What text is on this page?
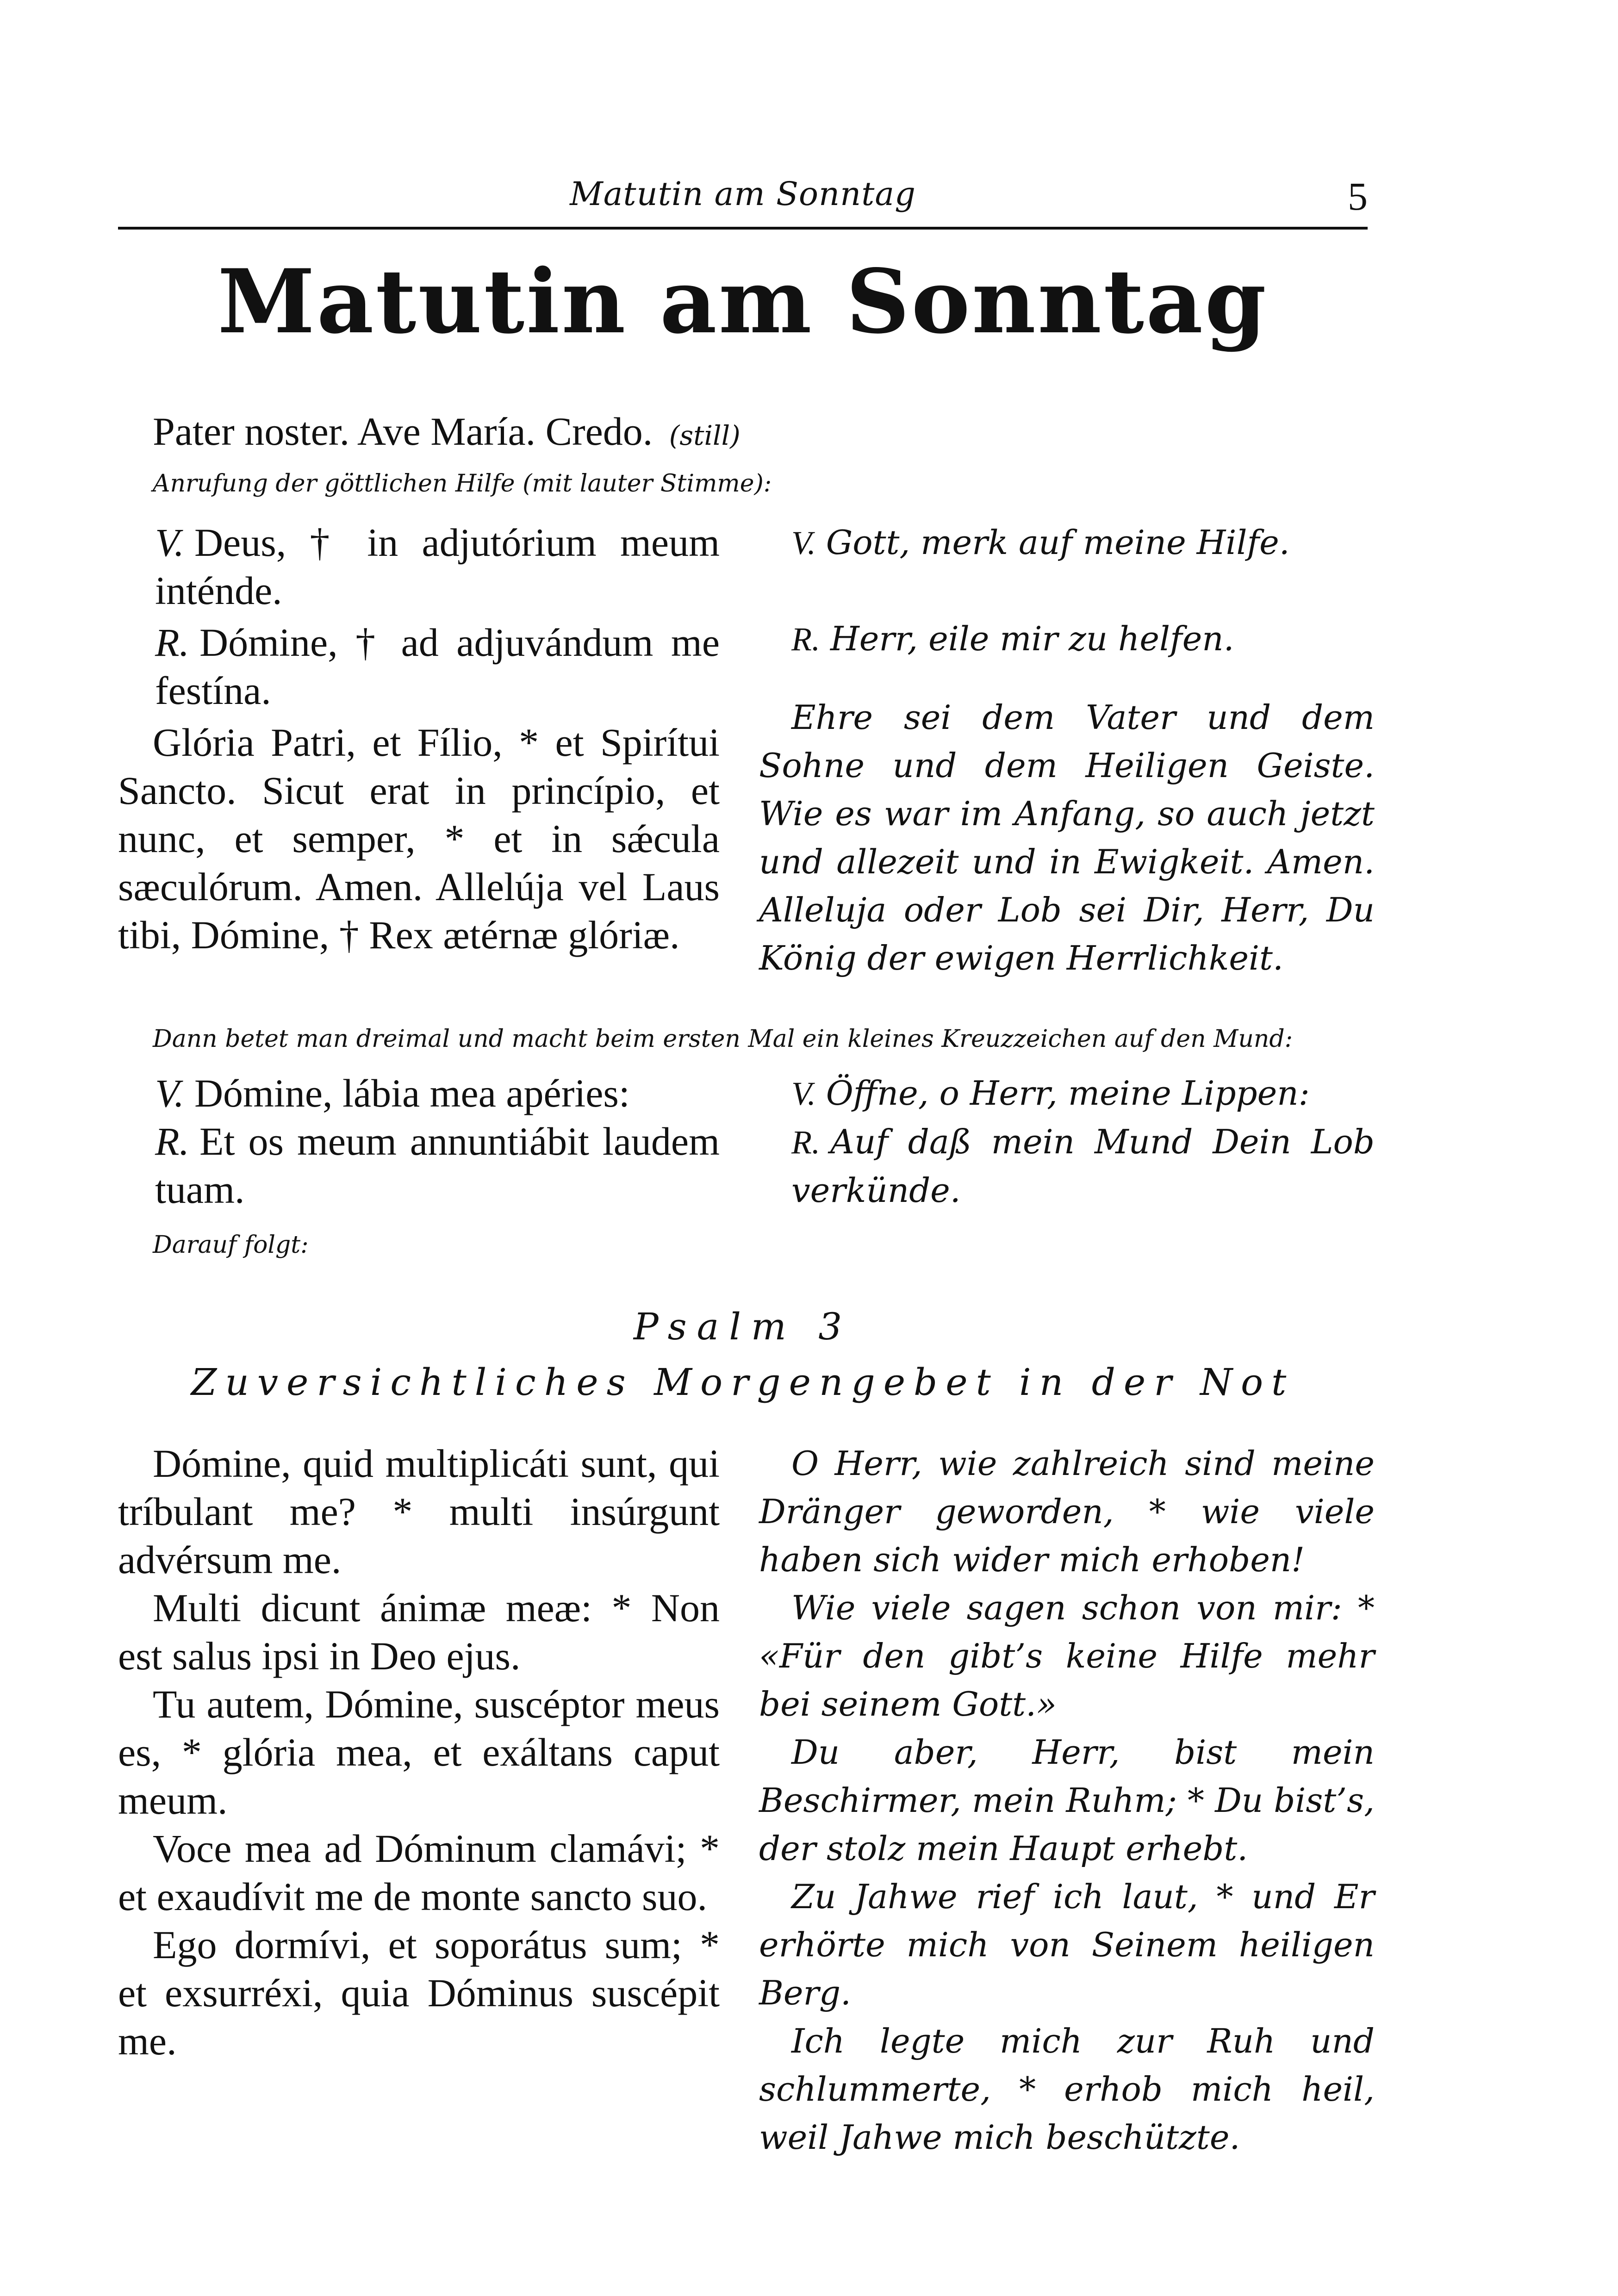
Matutin am Sonntag	5
Matutin am Sonntag
Pater noster. Ave María. Credo. (still)
Anrufung der göttlichen Hilfe (mit lauter Stimme):
V. Deus, † in adjutórium meum inténde.
R. Dómine, † ad adjuvándum me festína.
Glória Patri, et Fílio, * et Spirítui Sancto. Sicut erat in princípio, et nunc, et semper, * et in sǽcula sæculórum. Amen. Allelúja vel Laus tibi, Dómine, † Rex ætérnæ glóriæ.
V. Gott, merk auf meine Hilfe.
R. Herr, eile mir zu helfen.
Ehre sei dem Vater und dem Sohne und dem Heiligen Geiste. Wie es war im Anfang, so auch jetzt und allezeit und in Ewigkeit. Amen. Alleluja oder Lob sei Dir, Herr, Du König der ewigen Herrlichkeit.
Dann betet man dreimal und macht beim ersten Mal ein kleines Kreuzzeichen auf den Mund:
V. Dómine, lábia mea apéries:
R. Et os meum annuntiábit laudem tuam.
V. Öffne, o Herr, meine Lippen:
R. Auf daß mein Mund Dein Lob verkünde.
Darauf folgt:
Psalm 3
Zuversichtliches Morgengebet in der Not
Dómine, quid multiplicáti sunt, qui tríbulant me? * multi insúrgunt advérsum me.
Multi dicunt ánimæ meæ: * Non est salus ipsi in Deo ejus.
Tu autem, Dómine, suscéptor meus es, * glória mea, et exáltans caput meum.
Voce mea ad Dóminum clamávi; * et exaudívit me de monte sancto suo.
Ego dormívi, et soporátus sum; * et exsurréxi, quia Dóminus suscépit me.
O Herr, wie zahlreich sind meine Dränger geworden, * wie viele haben sich wider mich erhoben!
Wie viele sagen schon von mir: * «Für den gibt’s keine Hilfe mehr bei seinem Gott.»
Du aber, Herr, bist mein Beschirmer, mein Ruhm; * Du bist’s, der stolz mein Haupt erhebt.
Zu Jahwe rief ich laut, * und Er erhörte mich von Seinem heiligen Berg.
Ich legte mich zur Ruh und schlummerte, * erhob mich heil, weil Jahwe mich beschützte.
